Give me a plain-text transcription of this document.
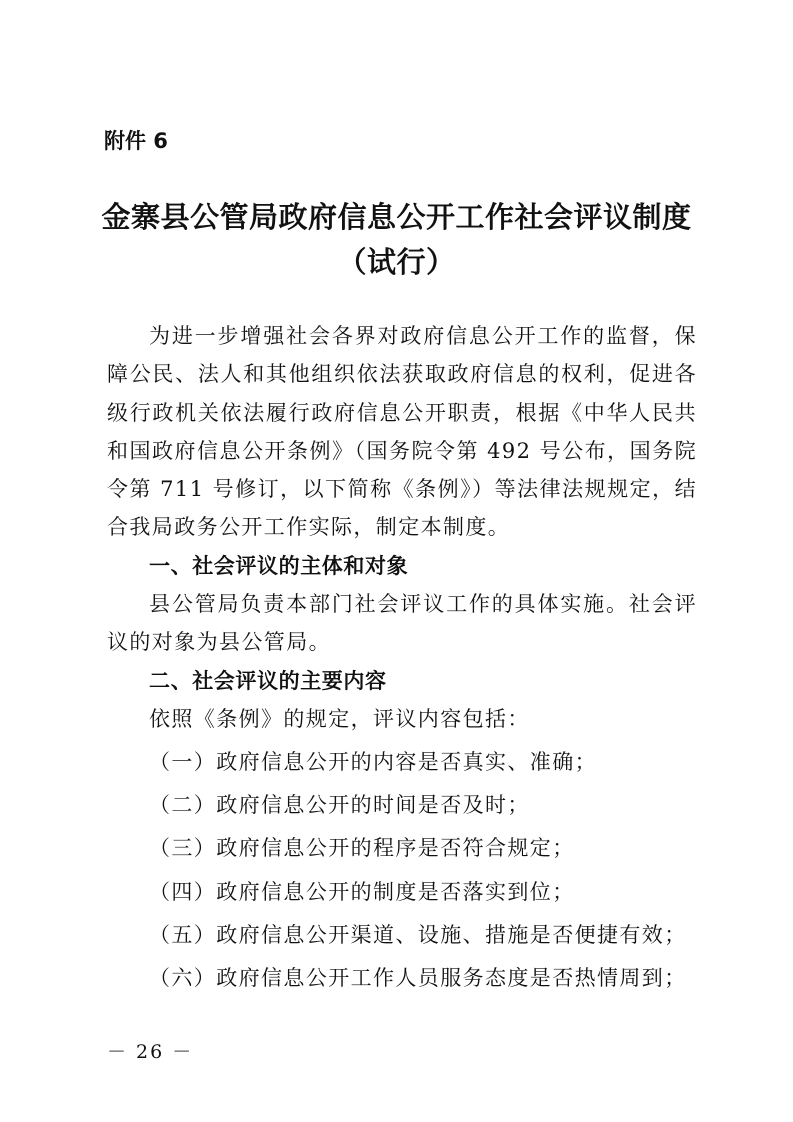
附件 6
金寨县公管局政府信息公开工作社会评议制度
（试行）

为进一步增强社会各界对政府信息公开工作的监督，保障公民、法人和其他组织依法获取政府信息的权利，促进各级行政机关依法履行政府信息公开职责，根据《中华人民共和国政府信息公开条例》（国务院令第 492 号公布，国务院令第 711 号修订，以下简称《条例》）等法律法规规定，结合我局政务公开工作实际，制定本制度。

一、社会评议的主体和对象

县公管局负责本部门社会评议工作的具体实施。社会评议的对象为县公管局。

二、社会评议的主要内容

依照《条例》的规定，评议内容包括：

（一）政府信息公开的内容是否真实、准确；
（二）政府信息公开的时间是否及时；
（三）政府信息公开的程序是否符合规定；
（四）政府信息公开的制度是否落实到位；
（五）政府信息公开渠道、设施、措施是否便捷有效；
（六）政府信息公开工作人员服务态度是否热情周到；
－ 26 －
